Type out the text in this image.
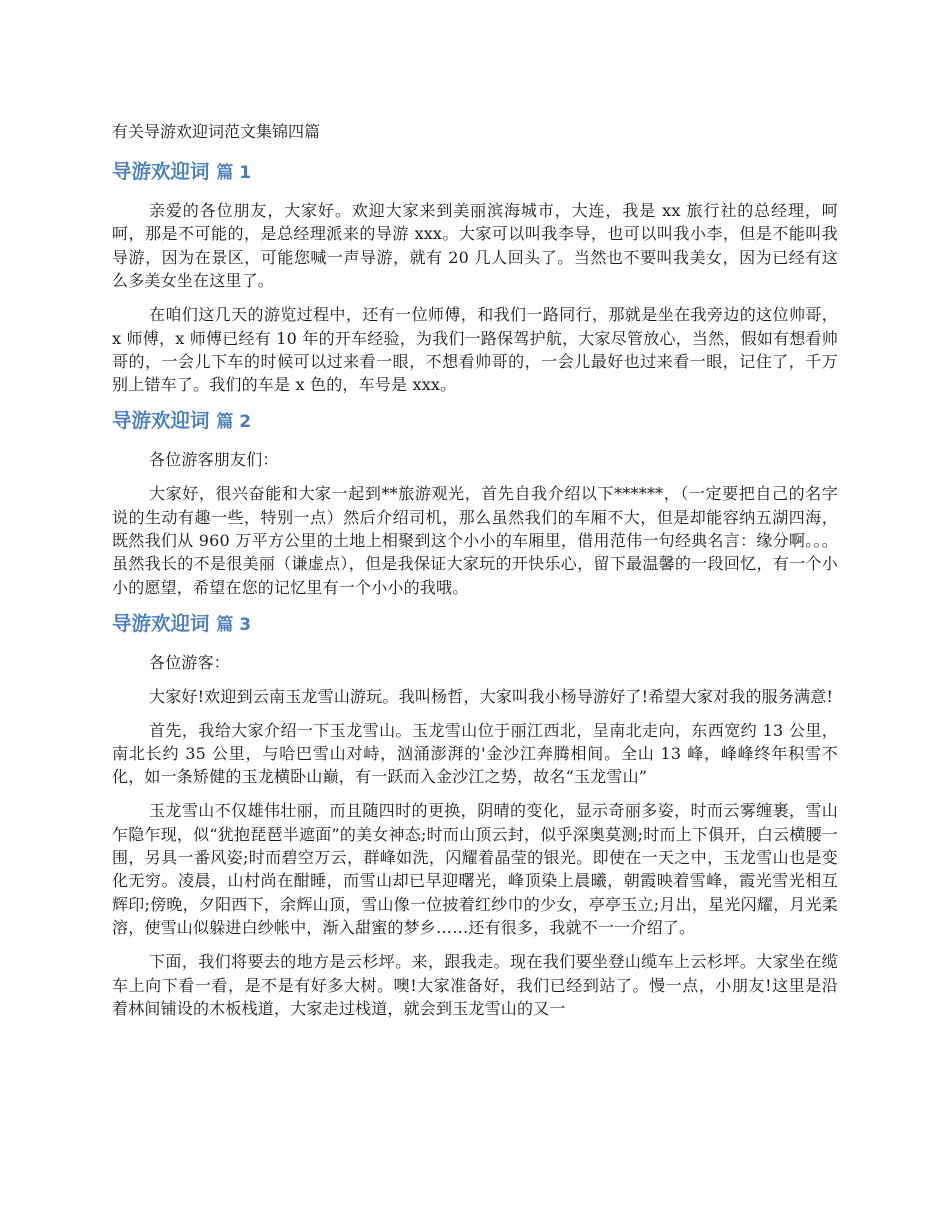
有关导游欢迎词范文集锦四篇
导游欢迎词 篇 1

亲爱的各位朋友，大家好。欢迎大家来到美丽滨海城市，大连，我是 xx 旅行社的总经理，呵呵，那是不可能的，是总经理派来的导游 xxx。大家可以叫我李导，也可以叫我小李，但是不能叫我导游，因为在景区，可能您喊一声导游，就有 20 几人回头了。当然也不要叫我美女，因为已经有这么多美女坐在这里了。

在咱们这几天的游览过程中，还有一位师傅，和我们一路同行，那就是坐在我旁边的这位帅哥，x 师傅，x 师傅已经有 10 年的开车经验，为我们一路保驾护航，大家尽管放心，当然，假如有想看帅哥的，一会儿下车的时候可以过来看一眼，不想看帅哥的，一会儿最好也过来看一眼，记住了，千万别上错车了。我们的车是 x 色的，车号是 xxx。

导游欢迎词 篇 2

各位游客朋友们：

大家好，很兴奋能和大家一起到**旅游观光，首先自我介绍以下******，（一定要把自己的名字说的生动有趣一些，特别一点）然后介绍司机，那么虽然我们的车厢不大，但是却能容纳五湖四海，既然我们从 960 万平方公里的土地上相聚到这个小小的车厢里，借用范伟一句经典名言：缘分啊。。。虽然我长的不是很美丽（谦虚点），但是我保证大家玩的开快乐心，留下最温馨的一段回忆，有一个小小的愿望，希望在您的记忆里有一个小小的我哦。

导游欢迎词 篇 3

各位游客：

大家好!欢迎到云南玉龙雪山游玩。我叫杨哲，大家叫我小杨导游好了!希望大家对我的服务满意!

首先，我给大家介绍一下玉龙雪山。玉龙雪山位于丽江西北，呈南北走向，东西宽约 13 公里，南北长约 35 公里，与哈巴雪山对峙，汹涌澎湃的'金沙江奔腾相间。全山 13 峰，峰峰终年积雪不化，如一条矫健的玉龙横卧山巅，有一跃而入金沙江之势，故名“玉龙雪山”

玉龙雪山不仅雄伟壮丽，而且随四时的更换，阴晴的变化，显示奇丽多姿，时而云雾缠裹，雪山乍隐乍现，似“犹抱琵琶半遮面”的美女神态;时而山顶云封，似乎深奥莫测;时而上下俱开，白云横腰一围，另具一番风姿;时而碧空万云，群峰如洗，闪耀着晶莹的银光。即使在一天之中，玉龙雪山也是变化无穷。凌晨，山村尚在酣睡，而雪山却已早迎曙光，峰顶染上晨曦，朝霞映着雪峰，霞光雪光相互辉印;傍晚，夕阳西下，余辉山顶，雪山像一位披着红纱巾的少女，亭亭玉立;月出，星光闪耀，月光柔溶，使雪山似躲进白纱帐中，渐入甜蜜的梦乡……还有很多，我就不一一介绍了。

下面，我们将要去的地方是云杉坪。来，跟我走。现在我们要坐登山缆车上云杉坪。大家坐在缆车上向下看一看，是不是有好多大树。噢!大家准备好，我们已经到站了。慢一点，小朋友!这里是沿着林间铺设的木板栈道，大家走过栈道，就会到玉龙雪山的又一
